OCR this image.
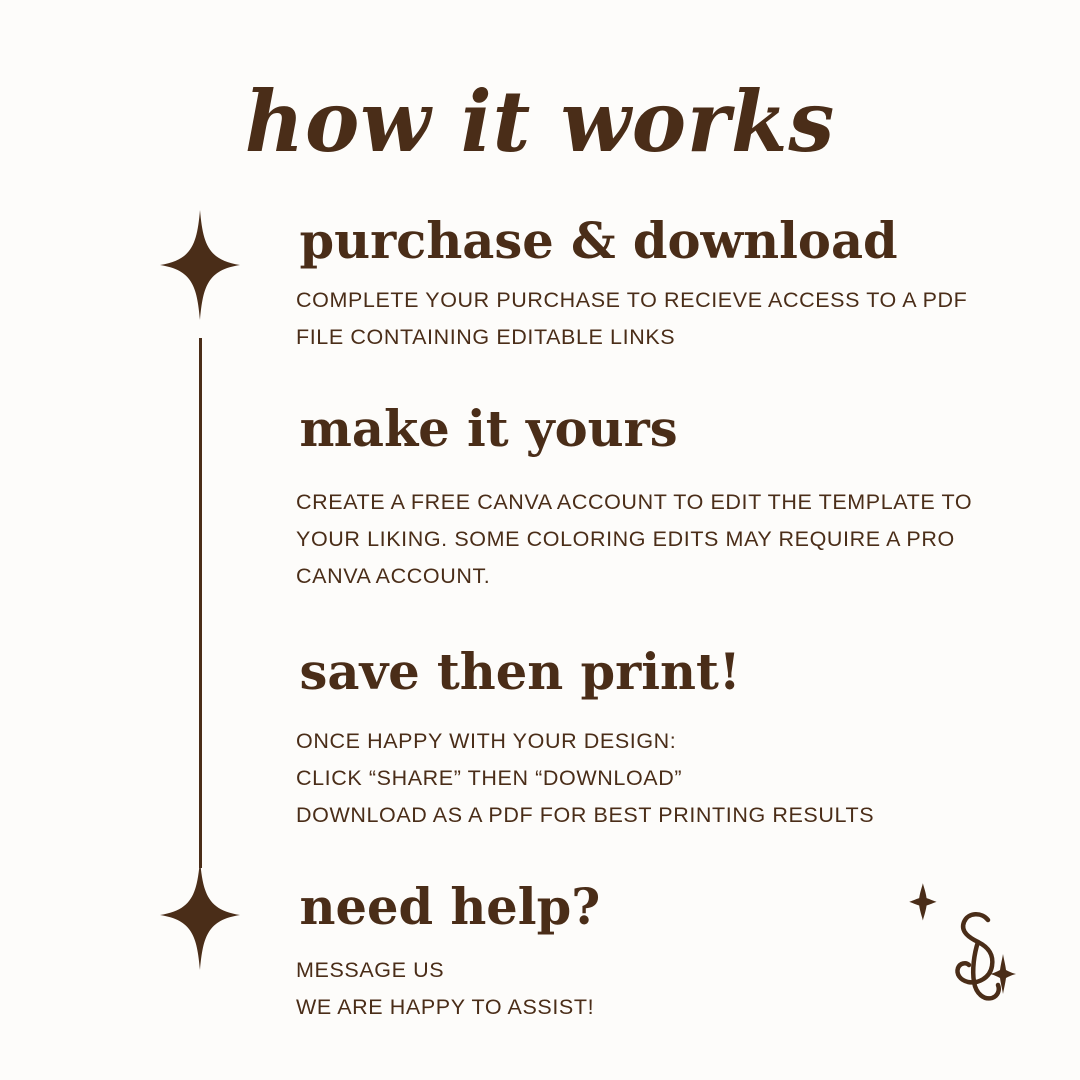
how it works
purchase & download

COMPLETE YOUR PURCHASE TO RECIEVE ACCESS TO A PDF

FILE CONTAINING EDITABLE LINKS

make it yours

CREATE A FREE CANVA ACCOUNT TO EDIT THE TEMPLATE TO

YOUR LIKING. SOME COLORING EDITS MAY REQUIRE A PRO

CANVA ACCOUNT.

save then print!

ONCE HAPPY WITH YOUR DESIGN:

CLICK “SHARE” THEN “DOWNLOAD”

DOWNLOAD AS A PDF FOR BEST PRINTING RESULTS

need help?

MESSAGE US

WE ARE HAPPY TO ASSIST!
